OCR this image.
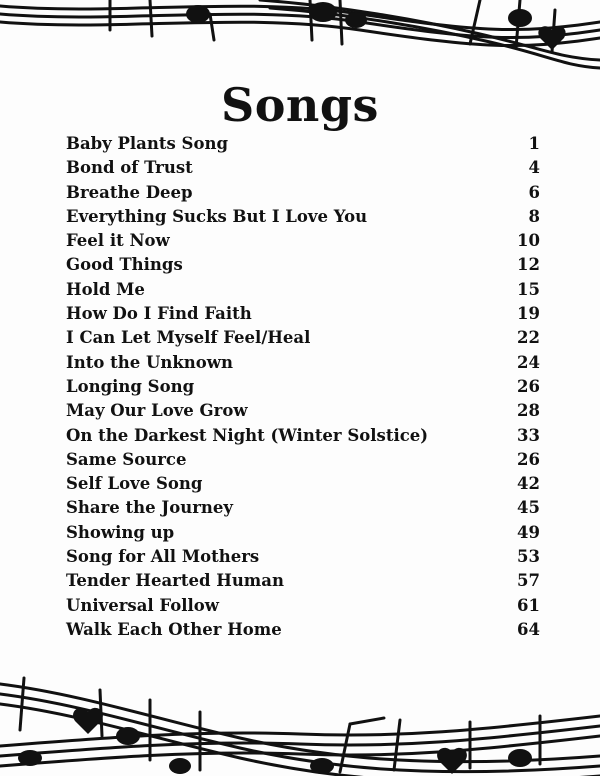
Songs
Baby Plants Song	1
Bond of Trust	4
Breathe Deep	6
Everything Sucks But I Love You	8
Feel it Now	10
Good Things	12
Hold Me	15
How Do I Find Faith	19
I Can Let Myself Feel/Heal	22
Into the Unknown	24
Longing Song	26
May Our Love Grow	28
On the Darkest Night (Winter Solstice)	33
Same Source	26
Self Love Song	42
Share the Journey	45
Showing up	49
Song for All Mothers	53
Tender Hearted Human	57
Universal Follow	61
Walk Each Other Home	64
